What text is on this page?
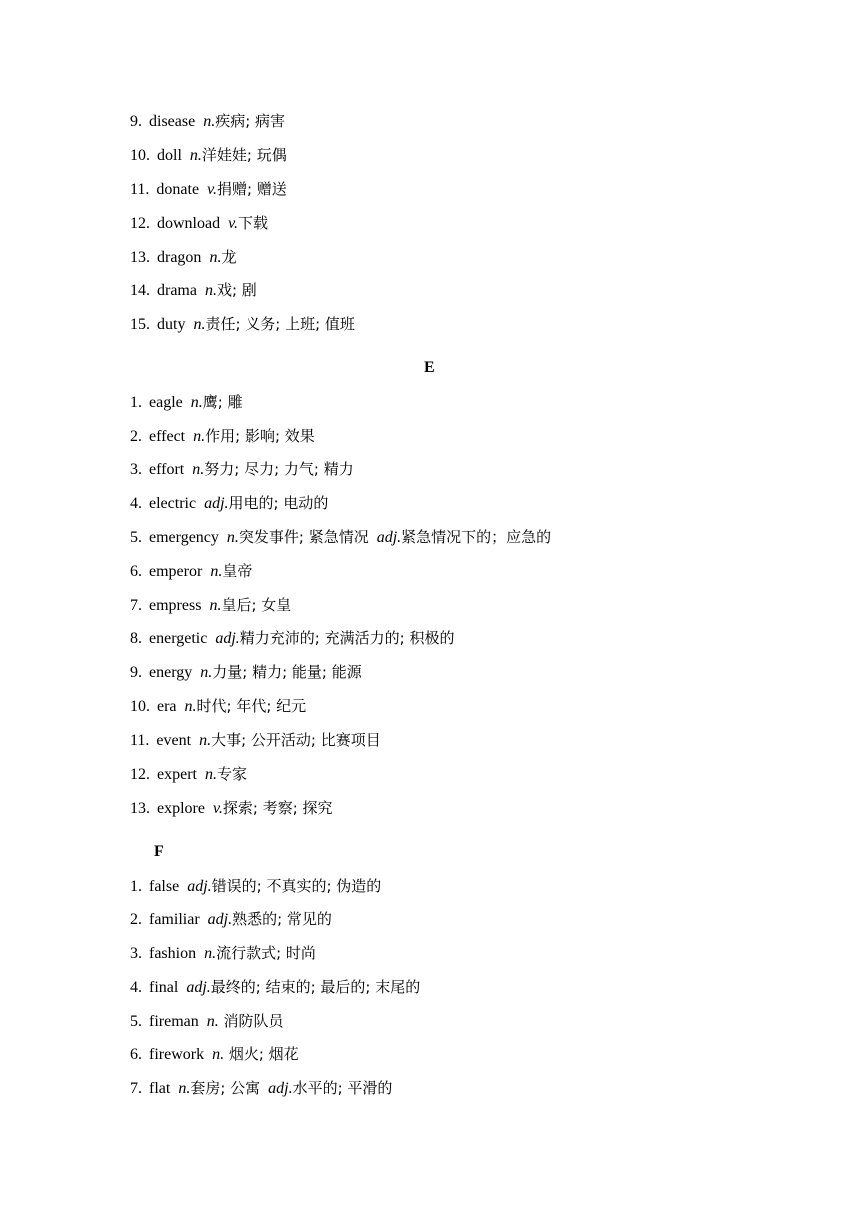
9. disease n.疾病; 病害
10. doll n.洋娃娃; 玩偶
11. donate v.捐赠; 赠送
12. download v.下载
13. dragon n.龙
14. drama n.戏; 剧
15. duty n.责任; 义务; 上班; 值班
E
1. eagle n.鹰; 雕
2. effect n.作用; 影响; 效果
3. effort n.努力; 尽力; 力气; 精力
4. electric adj.用电的; 电动的
5. emergency n.突发事件; 紧急情况 adj.紧急情况下的；应急的
6. emperor n.皇帝
7. empress n.皇后; 女皇
8. energetic adj.精力充沛的; 充满活力的; 积极的
9. energy n.力量; 精力; 能量; 能源
10. era n.时代; 年代; 纪元
11. event n.大事; 公开活动; 比赛项目
12. expert n.专家
13. explore v.探索; 考察; 探究
F
1. false adj.错误的; 不真实的; 伪造的
2. familiar adj.熟悉的; 常见的
3. fashion n.流行款式; 时尚
4. final adj.最终的; 结束的; 最后的; 末尾的
5. fireman n. 消防队员
6. firework n. 烟火; 烟花
7. flat n.套房; 公寓 adj.水平的; 平滑的
